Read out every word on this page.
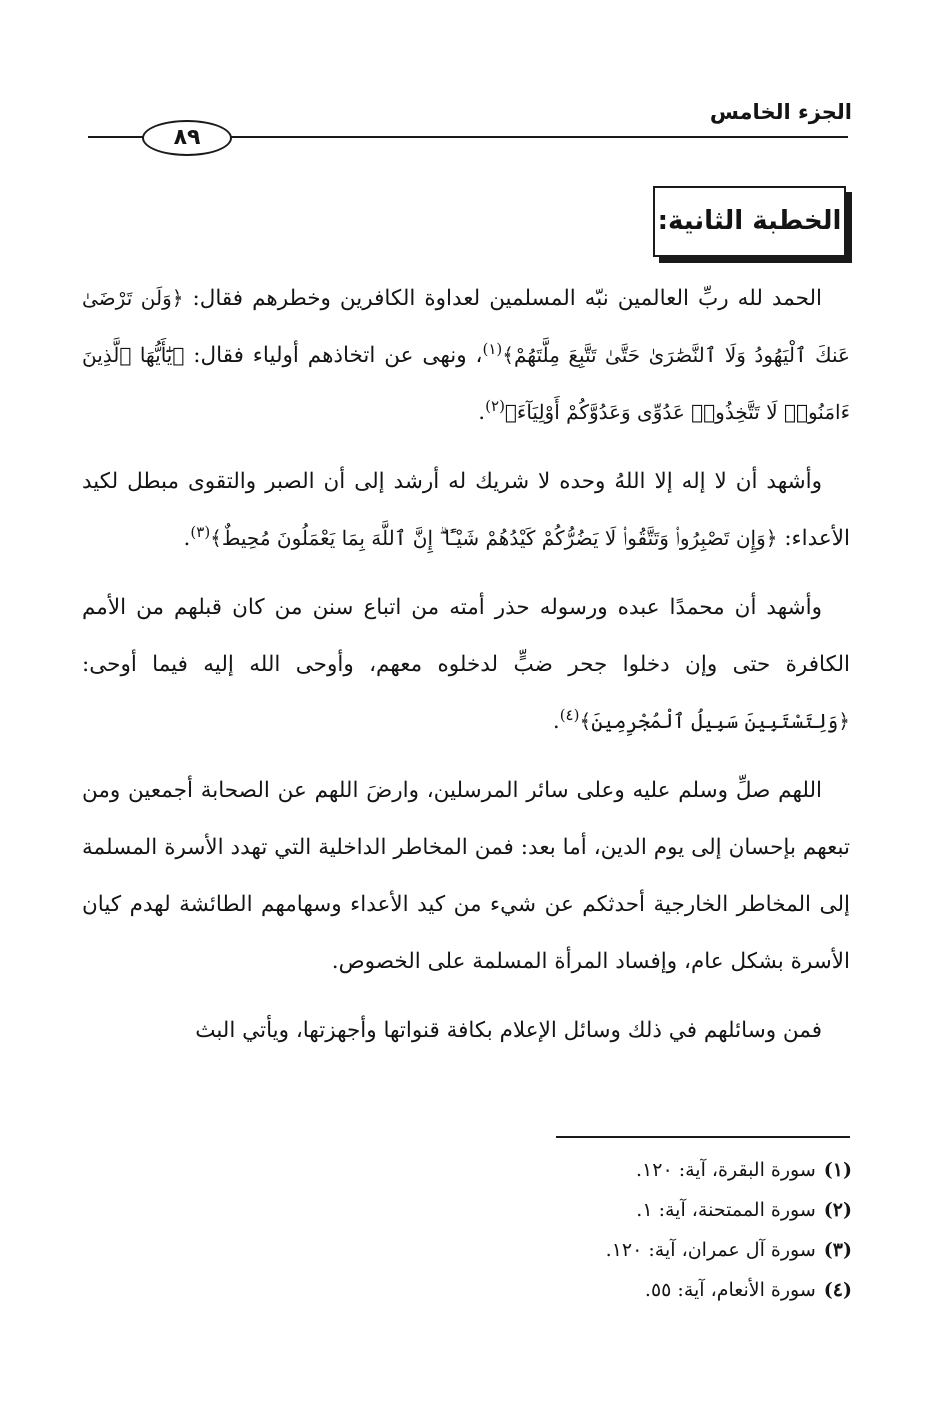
الجزء الخامس
٨٩
الخطبة الثانية:

الحمد لله ربِّ العالمين نبّه المسلمين لعداوة الكافرين وخطرهم فقال: ﴿وَلَن تَرْضَىٰ عَنكَ ٱلْيَهُودُ وَلَا ٱلنَّصَٰرَىٰ حَتَّىٰ تَتَّبِعَ مِلَّتَهُمْ﴾$^{(١)}$، ونهى عن اتخاذهم أولياء فقال: ﴿يَٰٓأَيُّهَا ٱلَّذِينَ ءَامَنُوا۟ لَا تَتَّخِذُوا۟ عَدُوِّى وَعَدُوَّكُمْ أَوْلِيَآءَ﴾$^{(٢)}$.

وأشهد أن لا إله إلا اللهُ وحده لا شريك له أرشد إلى أن الصبر والتقوى مبطل لكيد الأعداء: ﴿وَإِن تَصْبِرُوا۟ وَتَتَّقُوا۟ لَا يَضُرُّكُمْ كَيْدُهُمْ شَيْـًٔا ۗ إِنَّ ٱللَّهَ بِمَا يَعْمَلُونَ مُحِيطٌ﴾$^{(٣)}$.

وأشهد أن محمدًا عبده ورسوله حذر أمته من اتباع سنن من كان قبلهم من الأمم الكافرة حتى وإن دخلوا جحر ضبٍّ لدخلوه معهم، وأوحى الله إليه فيما أوحى: ﴿وَلِتَسْتَبِينَ سَبِيلُ ٱلْمُجْرِمِينَ﴾$^{(٤)}$.

اللهم صلِّ وسلم عليه وعلى سائر المرسلين، وارضَ اللهم عن الصحابة أجمعين ومن تبعهم بإحسان إلى يوم الدين، أما بعد: فمن المخاطر الداخلية التي تهدد الأسرة المسلمة إلى المخاطر الخارجية أحدثكم عن شيء من كيد الأعداء وسهامهم الطائشة لهدم كيان الأسرة بشكل عام، وإفساد المرأة المسلمة على الخصوص.

فمن وسائلهم في ذلك وسائل الإعلام بكافة قنواتها وأجهزتها، ويأتي البث

(١)سورة البقرة، آية: ١٢٠.
(٢)سورة الممتحنة، آية: ١.
(٣)سورة آل عمران، آية: ١٢٠.
(٤)سورة الأنعام، آية: ٥٥.
